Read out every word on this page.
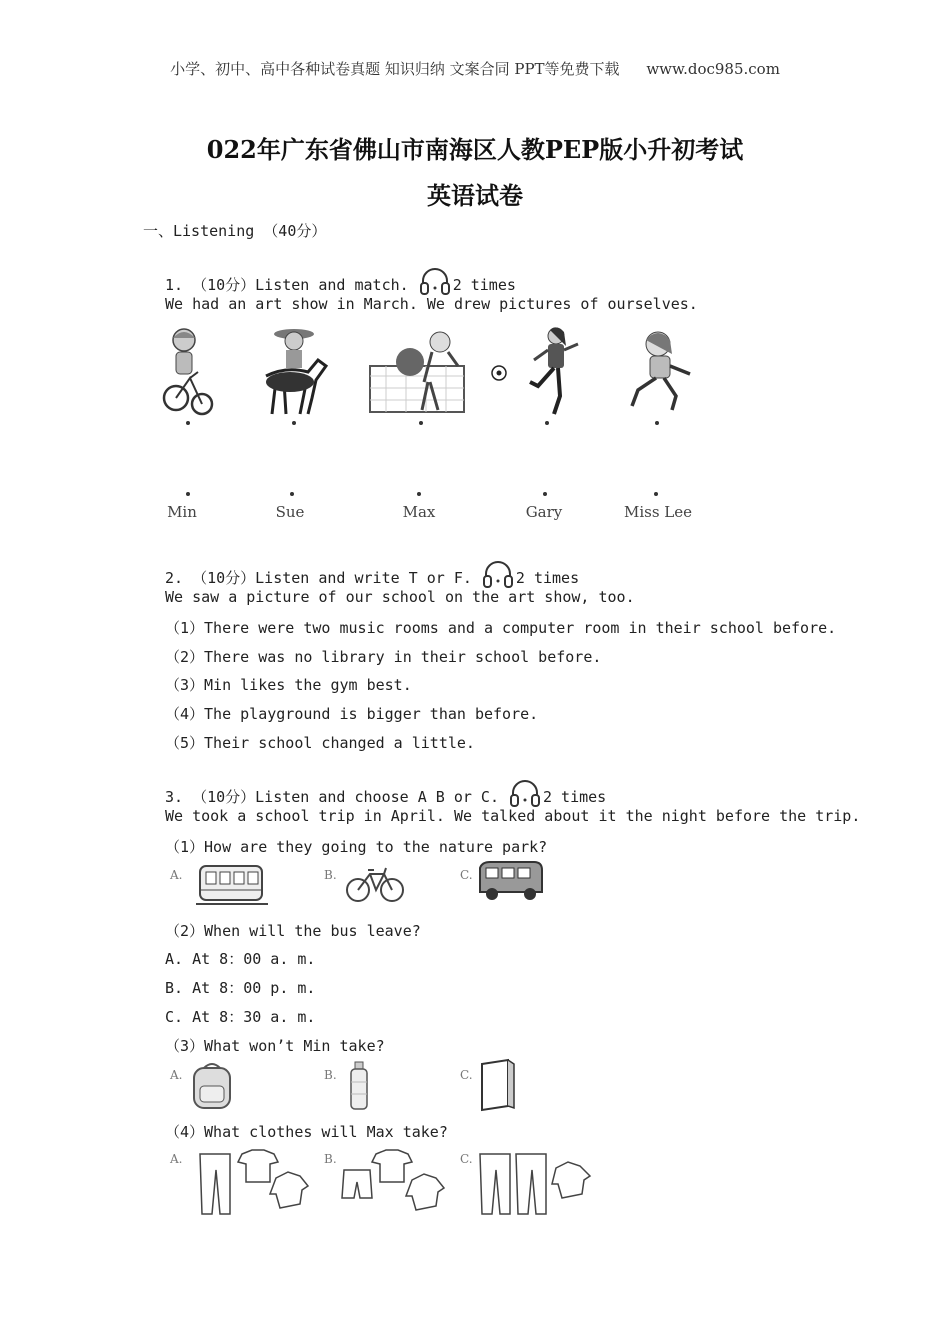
小学、初中、高中各种试卷真题 知识归纳 文案合同 PPT等免费下载 www.doc985.com
022年广东省佛山市南海区人教PEP版小升初考试
英语试卷
一、Listening （40分）
1. （10分）Listen and match.	2 times
We had an art show in March. We drew pictures of ourselves.
Min	Sue	Max	Gary	Miss Lee
2. （10分）Listen and write T or F.	2 times
We saw a picture of our school on the art show, too.
（1）There were two music rooms and a computer room in their school before.
（2）There was no library in their school before.
（3）Min likes the gym best.
（4）The playground is bigger than before.
（5）Their school changed a little.
3. （10分）Listen and choose A B or C.	2 times
We took a school trip in April. We talked about it the night before the trip.
（1）How are they going to the nature park?
A.	B.	C.
（2）When will the bus leave?
A. At 8：00 a. m.
B. At 8：00 p. m.
C. At 8：30 a. m.
（3）What won’t Min take?
A.	B.	C.
（4）What clothes will Max take?
A.	B.	C.
